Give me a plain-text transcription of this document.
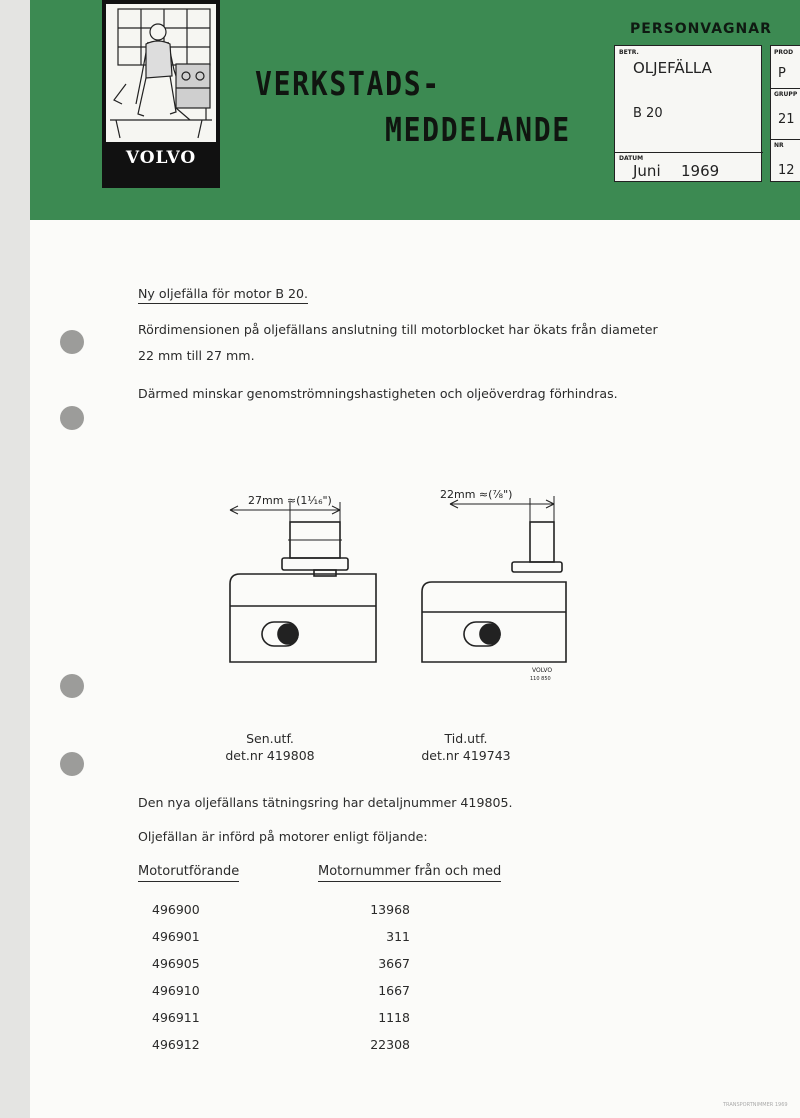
VOLVO
VERKSTADS-
MEDDELANDE
PERSONVAGNAR
BETR.
OLJEFÄLLA
B 20
DATUM
Juni 1969
PROD
P
GRUPP
21
NR
12
Ny oljefälla för motor B 20.
Rördimensionen på oljefällans anslutning till motorblocket har ökats från diameter
22 mm till 27 mm.
Därmed minskar genomströmningshastigheten och oljeöverdrag förhindras.
27mm ≈(1¹⁄₁₆")	22mm ≈(⅞")
VOLVO
110 850
Sen.utf.
det.nr 419808
Tid.utf.
det.nr 419743
Den nya oljefällans tätningsring har detaljnummer 419805.
Oljefällan är införd på motorer enligt följande:
Motorutförande	Motornummer från och med
496900	13968
496901	311
496905	3667
496910	1667
496911	1118
496912	22308
TRANSPORTNIMMER 1969
